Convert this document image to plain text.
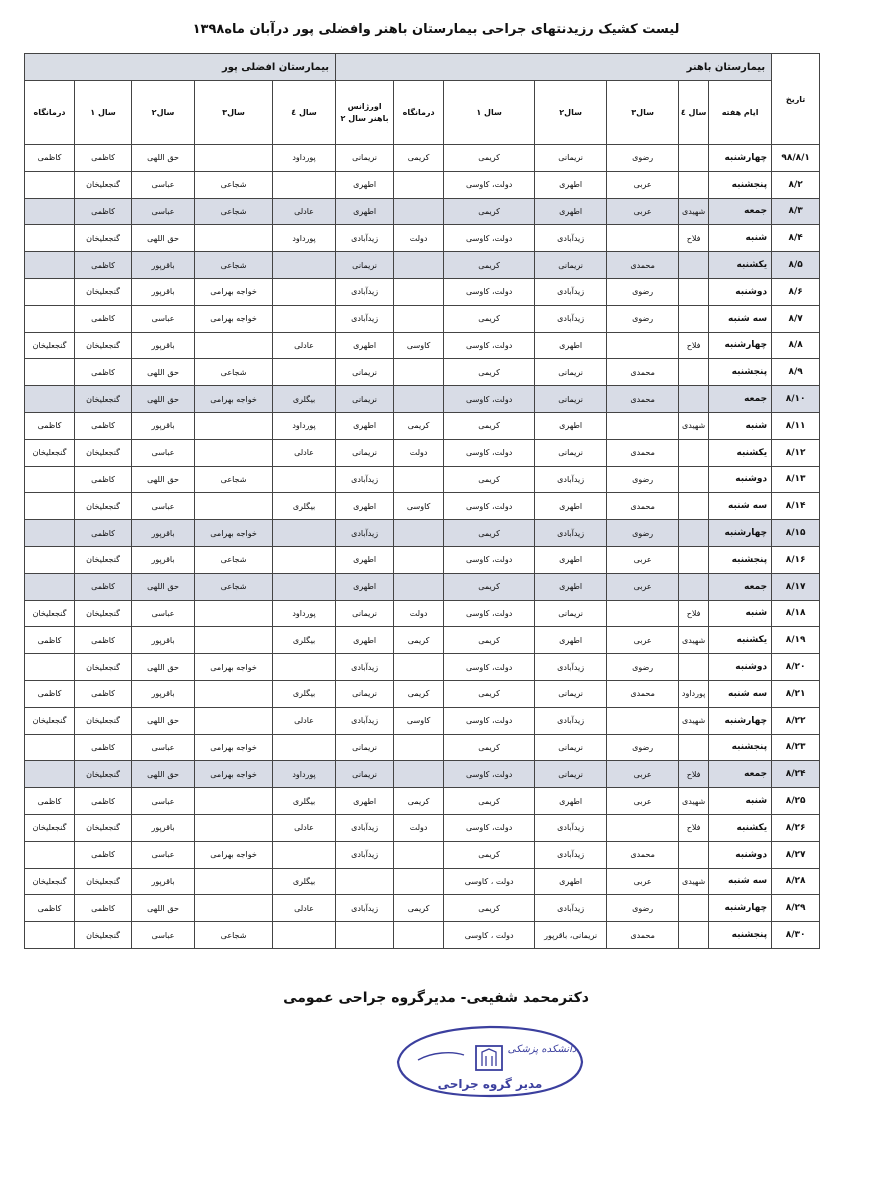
لیست کشیک رزیدنتهای جراحی بیمارستان باهنر وافضلی پور درآبان ماه۱۳۹۸
تاریخ	بیمارستان باهنر							بیمارستان افضلی پور				
	ایام هفته	سال ٤	سال۳	سال۲	سال ۱	درمانگاه	اورژانس باهنر سال ۲	سال ٤	سال۳	سال۲	سال ۱	درمانگاه
۹۸/۸/۱	چهارشنبه		رضوی	نریمانی	کریمی	کریمی	نریمانی	پورداود		حق اللهی	کاظمی	کاظمی
۸/۲	پنجشنبه		عربی	اطهری	دولت، کاوسی		اطهری		شجاعی	عباسی	گنجعلیخان	
۸/۳	جمعه	شهیدی	عربی	اطهری	کریمی		اطهری	عادلی	شجاعی	عباسی	کاظمی	
۸/۴	شنبه	فلاح		زیدآبادی	دولت، کاوسی	دولت	زیدآبادی	پورداود		حق اللهی	گنجعلیخان	
۸/۵	یکشنبه		محمدی	نریمانی	کریمی		نریمانی		شجاعی	باقرپور	کاظمی	
۸/۶	دوشنبه		رضوی	زیدآبادی	دولت، کاوسی		زیدآبادی		خواجه بهرامی	باقرپور	گنجعلیخان	
۸/۷	سه شنبه		رضوی	زیدآبادی	کریمی		زیدآبادی		خواجه بهرامی	عباسی	کاظمی	
۸/۸	چهارشنبه	فلاح		اطهری	دولت، کاوسی	کاوسی	اطهری	عادلی		باقرپور	گنجعلیخان	گنجعلیخان
۸/۹	پنجشنبه		محمدی	نریمانی	کریمی		نریمانی		شجاعی	حق اللهی	کاظمی	
۸/۱۰	جمعه		محمدی	نریمانی	دولت، کاوسی		نریمانی	بیگلری	خواجه بهرامی	حق اللهی	گنجعلیخان	
۸/۱۱	شنبه	شهیدی		اطهری	کریمی	کریمی	اطهری	پورداود		باقرپور	کاظمی	کاظمی
۸/۱۲	یکشنبه		محمدی	نریمانی	دولت، کاوسی	دولت	نریمانی	عادلی		عباسی	گنجعلیخان	گنجعلیخان
۸/۱۳	دوشنبه		رضوی	زیدآبادی	کریمی		زیدآبادی		شجاعی	حق اللهی	کاظمی	
۸/۱۴	سه شنبه		محمدی	اطهری	دولت، کاوسی	کاوسی	اطهری	بیگلری		عباسی	گنجعلیخان	
۸/۱۵	چهارشنبه		رضوی	زیدآبادی	کریمی		زیدآبادی		خواجه بهرامی	باقرپور	کاظمی	
۸/۱۶	پنجشنبه		عربی	اطهری	دولت، کاوسی		اطهری		شجاعی	باقرپور	گنجعلیخان	
۸/۱۷	جمعه		عربی	اطهری	کریمی		اطهری		شجاعی	حق اللهی	کاظمی	
۸/۱۸	شنبه	فلاح		نریمانی	دولت، کاوسی	دولت	نریمانی	پورداود		عباسی	گنجعلیخان	گنجعلیخان
۸/۱۹	یکشنبه	شهیدی	عربی	اطهری	کریمی	کریمی	اطهری	بیگلری		باقرپور	کاظمی	کاظمی
۸/۲۰	دوشنبه		رضوی	زیدآبادی	دولت، کاوسی		زیدآبادی		خواجه بهرامی	حق اللهی	گنجعلیخان	
۸/۲۱	سه شنبه	پورداود	محمدی	نریمانی	کریمی	کریمی	نریمانی	بیگلری		باقرپور	کاظمی	کاظمی
۸/۲۲	چهارشنبه	شهیدی		زیدآبادی	دولت، کاوسی	کاوسی	زیدآبادی	عادلی		حق اللهی	گنجعلیخان	گنجعلیخان
۸/۲۳	پنجشنبه		رضوی	نریمانی	کریمی		نریمانی		خواجه بهرامی	عباسی	کاظمی	
۸/۲۴	جمعه	فلاح	عربی	نریمانی	دولت، کاوسی		نریمانی	پورداود	خواجه بهرامی	حق اللهی	گنجعلیخان	
۸/۲۵	شنبه	شهیدی	عربی	اطهری	کریمی	کریمی	اطهری	بیگلری		عباسی	کاظمی	کاظمی
۸/۲۶	یکشنبه	فلاح		زیدآبادی	دولت، کاوسی	دولت	زیدآبادی	عادلی		باقرپور	گنجعلیخان	گنجعلیخان
۸/۲۷	دوشنبه		محمدی	زیدآبادی	کریمی		زیدآبادی		خواجه بهرامی	عباسی	کاظمی	
۸/۲۸	سه شنبه	شهیدی	عربی	اطهری	دولت ، کاوسی			بیگلری		باقرپور	گنجعلیخان	گنجعلیخان
۸/۲۹	چهارشنبه		رضوی	زیدآبادی	کریمی	کریمی	زیدآبادی	عادلی		حق اللهی	کاظمی	کاظمی
۸/۳۰	پنجشنبه		محمدی	نریمانی، باقرپور	دولت ، کاوسی				شجاعی	عباسی	گنجعلیخان	
دکترمحمد شفیعی- مدیرگروه جراحی عمومی
دانشکده پزشکی
مدیر گروه جراحی
